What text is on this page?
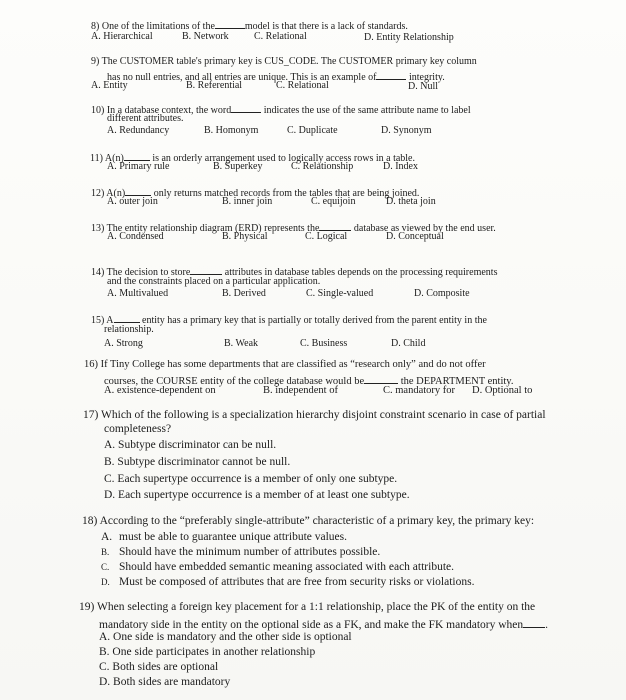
8) One of the limitations of the	model is that there is a lack of standards.
A. Hierarchical	B. Network	C. Relational	D. Entity Relationship
9) The CUSTOMER table's primary key is CUS_CODE. The CUSTOMER primary key column
has no null entries, and all entries are unique. This is an example of	integrity.
A. Entity	B. Referential	C. Relational	D. Null
10) In a database context, the word	indicates the use of the same attribute name to label
different attributes.
A. Redundancy	B. Homonym	C. Duplicate	D. Synonym
11) A(n)	is an orderly arrangement used to logically access rows in a table.
A. Primary rule	B. Superkey	C. Relationship	D. Index
12) A(n)	only returns matched records from the tables that are being joined.
A. outer join	B. inner join	C. equijoin	D. theta join
13) The entity relationship diagram (ERD) represents the	database as viewed by the end user.
A. Condensed	B. Physical	C. Logical	D. Conceptual
14) The decision to store	attributes in database tables depends on the processing requirements
and the constraints placed on a particular application.
A. Multivalued	B. Derived	C. Single-valued	D. Composite
15) A	entity has a primary key that is partially or totally derived from the parent entity in the
relationship.
A. Strong	B. Weak	C. Business	D. Child
16) If Tiny College has some departments that are classified as “research only” and do not offer
courses, the COURSE entity of the college database would be	the DEPARTMENT entity.
A. existence-dependent on	B. independent of	C. mandatory for D. Optional to
17) Which of the following is a specialization hierarchy disjoint constraint scenario in case of partial
completeness?
A. Subtype discriminator can be null.
B. Subtype discriminator cannot be null.
C. Each supertype occurrence is a member of only one subtype.
D. Each supertype occurrence is a member of at least one subtype.
18) According to the “preferably single-attribute” characteristic of a primary key, the primary key:
A. must be able to guarantee unique attribute values.
B. Should have the minimum number of attributes possible.
C. Should have embedded semantic meaning associated with each attribute.
D. Must be composed of attributes that are free from security risks or violations.
19) When selecting a foreign key placement for a 1:1 relationship, place the PK of the entity on the
mandatory side in the entity on the optional side as a FK, and make the FK mandatory when .
A. One side is mandatory and the other side is optional
B. One side participates in another relationship
C. Both sides are optional
D. Both sides are mandatory
